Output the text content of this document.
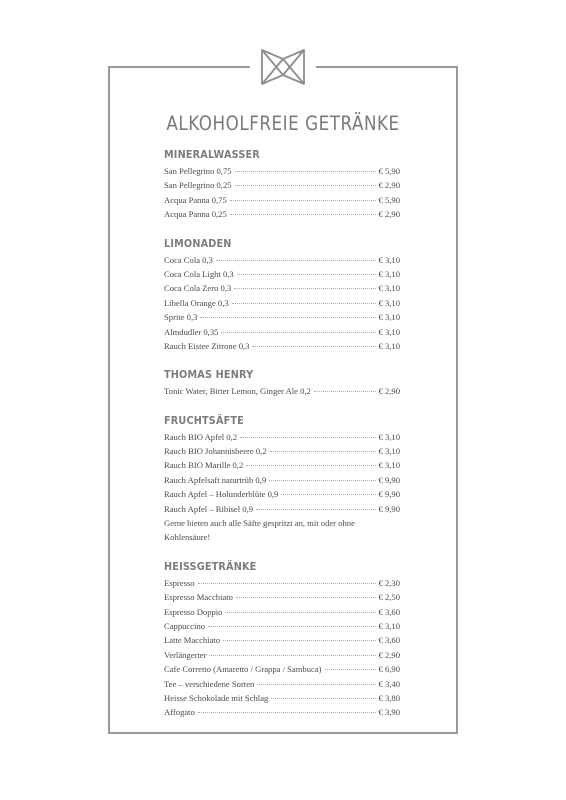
ALKOHOLFREIE GETRÄNKE
MINERALWASSER
San Pellegrino 0,75	€ 5,90
San Pellegrino 0,25	€ 2,90
Acqua Panna 0,75	€ 5,90
Acqua Panna 0,25	€ 2,90
LIMONADEN
Coca Cola 0,3	€ 3,10
Coca Cola Light 0,3	€ 3,10
Coca Cola Zero 0,3	€ 3,10
Libella Orange 0,3	€ 3,10
Sprite 0,3	€ 3,10
Almdudler 0,35	€ 3,10
Rauch Eistee Zitrone 0,3	€ 3,10
THOMAS HENRY
Tonic Water, Bitter Lemon, Ginger Ale 0,2	€ 2,90
FRUCHTSÄFTE
Rauch BIO Apfel 0,2	€ 3,10
Rauch BIO Johannisbeere 0,2	€ 3,10
Rauch BIO Marille 0,2	€ 3,10
Rauch Apfelsaft naturtrüb 0,9	€ 9,90
Rauch Apfel – Holunderblüte 0,9	€ 9,90
Rauch Apfel – Ribisel 0,9	€ 9,90
Gerne bieten auch alle Säfte gespritzt an, mit oder ohne Kohlensäure!
HEISSGETRÄNKE
Espresso	€ 2,30
Espresso Macchiato	€ 2,50
Espresso Doppio	€ 3,60
Cappuccino	€ 3,10
Latte Macchiato	€ 3,60
Verlängerter	€ 2,90
Cafe Corretto (Amaretto / Grappa / Sambuca)	€ 6,90
Tee – verschiedene Sorten	€ 3,40
Heisse Schokolade mit Schlag	€ 3,80
Affogato	€ 3,90
